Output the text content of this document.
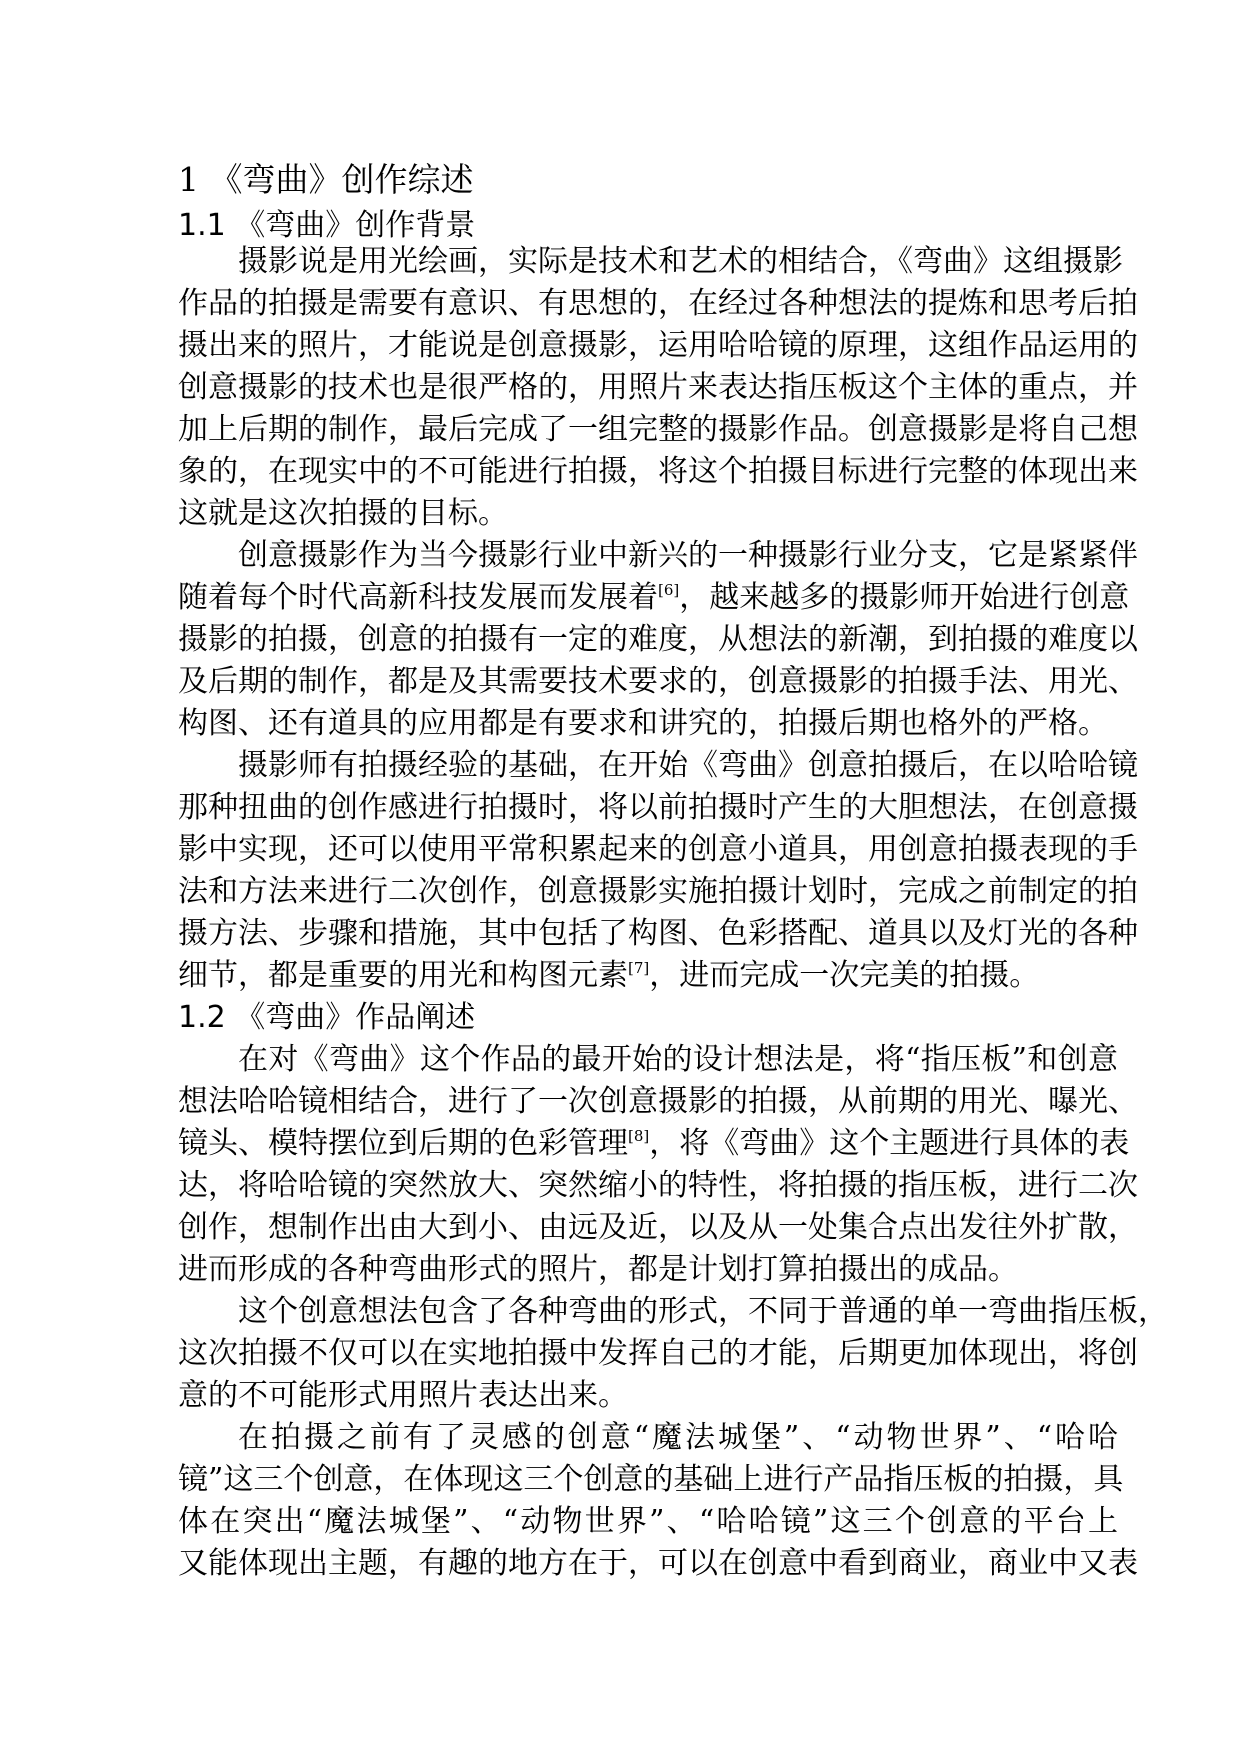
1 《弯曲》创作综述
1.1 《弯曲》创作背景
摄影说是用光绘画，实际是技术和艺术的相结合，《弯曲》这组摄影
作品的拍摄是需要有意识、有思想的，在经过各种想法的提炼和思考后拍
摄出来的照片，才能说是创意摄影，运用哈哈镜的原理，这组作品运用的
创意摄影的技术也是很严格的，用照片来表达指压板这个主体的重点，并
加上后期的制作，最后完成了一组完整的摄影作品。创意摄影是将自己想
象的，在现实中的不可能进行拍摄，将这个拍摄目标进行完整的体现出来
这就是这次拍摄的目标。
创意摄影作为当今摄影行业中新兴的一种摄影行业分支，它是紧紧伴
随着每个时代高新科技发展而发展着[6]，越来越多的摄影师开始进行创意
摄影的拍摄，创意的拍摄有一定的难度，从想法的新潮，到拍摄的难度以
及后期的制作，都是及其需要技术要求的，创意摄影的拍摄手法、用光、
构图、还有道具的应用都是有要求和讲究的，拍摄后期也格外的严格。
摄影师有拍摄经验的基础，在开始《弯曲》创意拍摄后，在以哈哈镜
那种扭曲的创作感进行拍摄时，将以前拍摄时产生的大胆想法，在创意摄
影中实现，还可以使用平常积累起来的创意小道具，用创意拍摄表现的手
法和方法来进行二次创作，创意摄影实施拍摄计划时，完成之前制定的拍
摄方法、步骤和措施，其中包括了构图、色彩搭配、道具以及灯光的各种
细节，都是重要的用光和构图元素[7]，进而完成一次完美的拍摄。
1.2 《弯曲》作品阐述
在对《弯曲》这个作品的最开始的设计想法是，将“指压板”和创意
想法哈哈镜相结合，进行了一次创意摄影的拍摄，从前期的用光、曝光、
镜头、模特摆位到后期的色彩管理[8]，将《弯曲》这个主题进行具体的表
达，将哈哈镜的突然放大、突然缩小的特性，将拍摄的指压板，进行二次
创作，想制作出由大到小、由远及近，以及从一处集合点出发往外扩散，
进而形成的各种弯曲形式的照片，都是计划打算拍摄出的成品。
这个创意想法包含了各种弯曲的形式，不同于普通的单一弯曲指压板，
这次拍摄不仅可以在实地拍摄中发挥自己的才能，后期更加体现出，将创
意的不可能形式用照片表达出来。
在拍摄之前有了灵感的创意“魔法城堡”、“动物世界”、“哈哈
镜”这三个创意，在体现这三个创意的基础上进行产品指压板的拍摄，具
体在突出“魔法城堡”、“动物世界”、“哈哈镜”这三个创意的平台上
又能体现出主题，有趣的地方在于，可以在创意中看到商业，商业中又表
